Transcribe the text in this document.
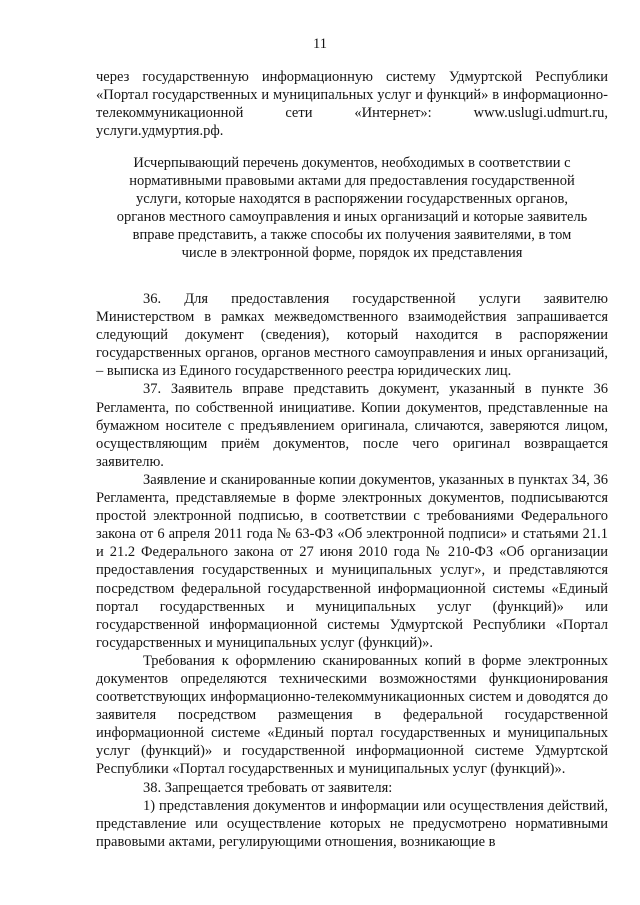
11

через государственную информационную систему Удмуртской Республики «Портал государственных и муниципальных услуг и функций» в информационно-телекоммуникационной сети «Интернет»: www.uslugi.udmurt.ru, услуги.удмуртия.рф.

Исчерпывающий перечень документов, необходимых в соответствии с
нормативными правовыми актами для предоставления государственной
услуги, которые находятся в распоряжении государственных органов,
органов местного самоуправления и иных организаций и которые заявитель
вправе представить, а также способы их получения заявителями, в том
числе в электронной форме, порядок их представления

36. Для предоставления государственной услуги заявителю Министерством в рамках межведомственного взаимодействия запрашивается следующий документ (сведения), который находится в распоряжении государственных органов, органов местного самоуправления и иных организаций, – выписка из Единого государственного реестра юридических лиц.

37. Заявитель вправе представить документ, указанный в пункте 36 Регламента, по собственной инициативе. Копии документов, представленные на бумажном носителе с предъявлением оригинала, сличаются, заверяются лицом, осуществляющим приём документов, после чего оригинал возвращается заявителю.

Заявление и сканированные копии документов, указанных в пунктах 34, 36 Регламента, представляемые в форме электронных документов, подписываются простой электронной подписью, в соответствии с требованиями Федерального закона от 6 апреля 2011 года № 63-ФЗ «Об электронной подписи» и статьями 21.1 и 21.2 Федерального закона от 27 июня 2010 года № 210-ФЗ «Об организации предоставления государственных и муниципальных услуг», и представляются посредством федеральной государственной информационной системы «Единый портал государственных и муниципальных услуг (функций)» или государственной информационной системы Удмуртской Республики «Портал государственных и муниципальных услуг (функций)».

Требования к оформлению сканированных копий в форме электронных документов определяются техническими возможностями функционирования соответствующих информационно-телекоммуникационных систем и доводятся до заявителя посредством размещения в федеральной государственной информационной системе «Единый портал государственных и муниципальных услуг (функций)» и государственной информационной системе Удмуртской Республики «Портал государственных и муниципальных услуг (функций)».

38. Запрещается требовать от заявителя:

1) представления документов и информации или осуществления действий, представление или осуществление которых не предусмотрено нормативными правовыми актами, регулирующими отношения, возникающие в
